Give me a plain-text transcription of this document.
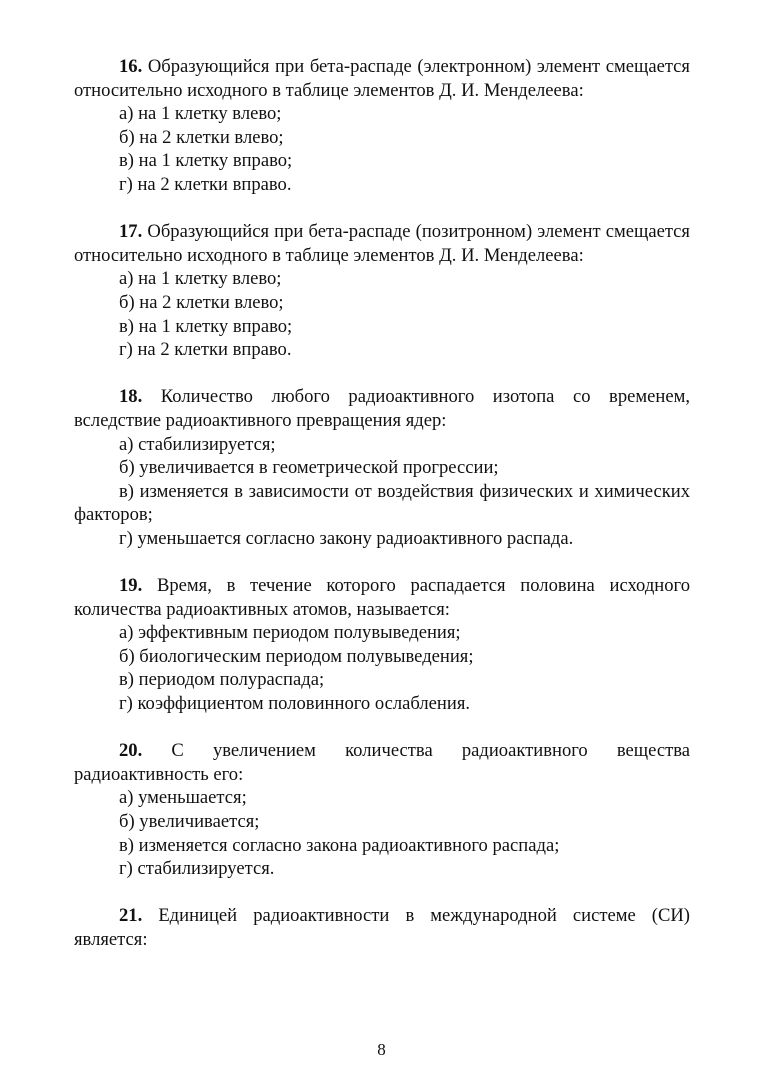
16. Образующийся при бета-распаде (электронном) элемент смещается относительно исходного в таблице элементов Д. И. Менделеева:

а) на 1 клетку влево;
б) на 2 клетки влево;
в) на 1 клетку вправо;
г) на 2 клетки вправо.

17. Образующийся при бета-распаде (позитронном) элемент смещается относительно исходного в таблице элементов Д. И. Менделеева:

а) на 1 клетку влево;
б) на 2 клетки влево;
в) на 1 клетку вправо;
г) на 2 клетки вправо.

18. Количество любого радиоактивного изотопа со временем, вследствие радиоактивного превращения ядер:

а) стабилизируется;
б) увеличивается в геометрической прогрессии;
в) изменяется в зависимости от воздействия физических и химических факторов;
г) уменьшается согласно закону радиоактивного распада.

19. Время, в течение которого распадается половина исходного количества радиоактивных атомов, называется:

а) эффективным периодом полувыведения;
б) биологическим периодом полувыведения;
в) периодом полураспада;
г) коэффициентом половинного ослабления.

20. С увеличением количества радиоактивного вещества радиоактивность его:

а) уменьшается;
б) увеличивается;
в) изменяется согласно закона радиоактивного распада;
г) стабилизируется.

21. Единицей радиоактивности в международной системе (СИ) является:

8
